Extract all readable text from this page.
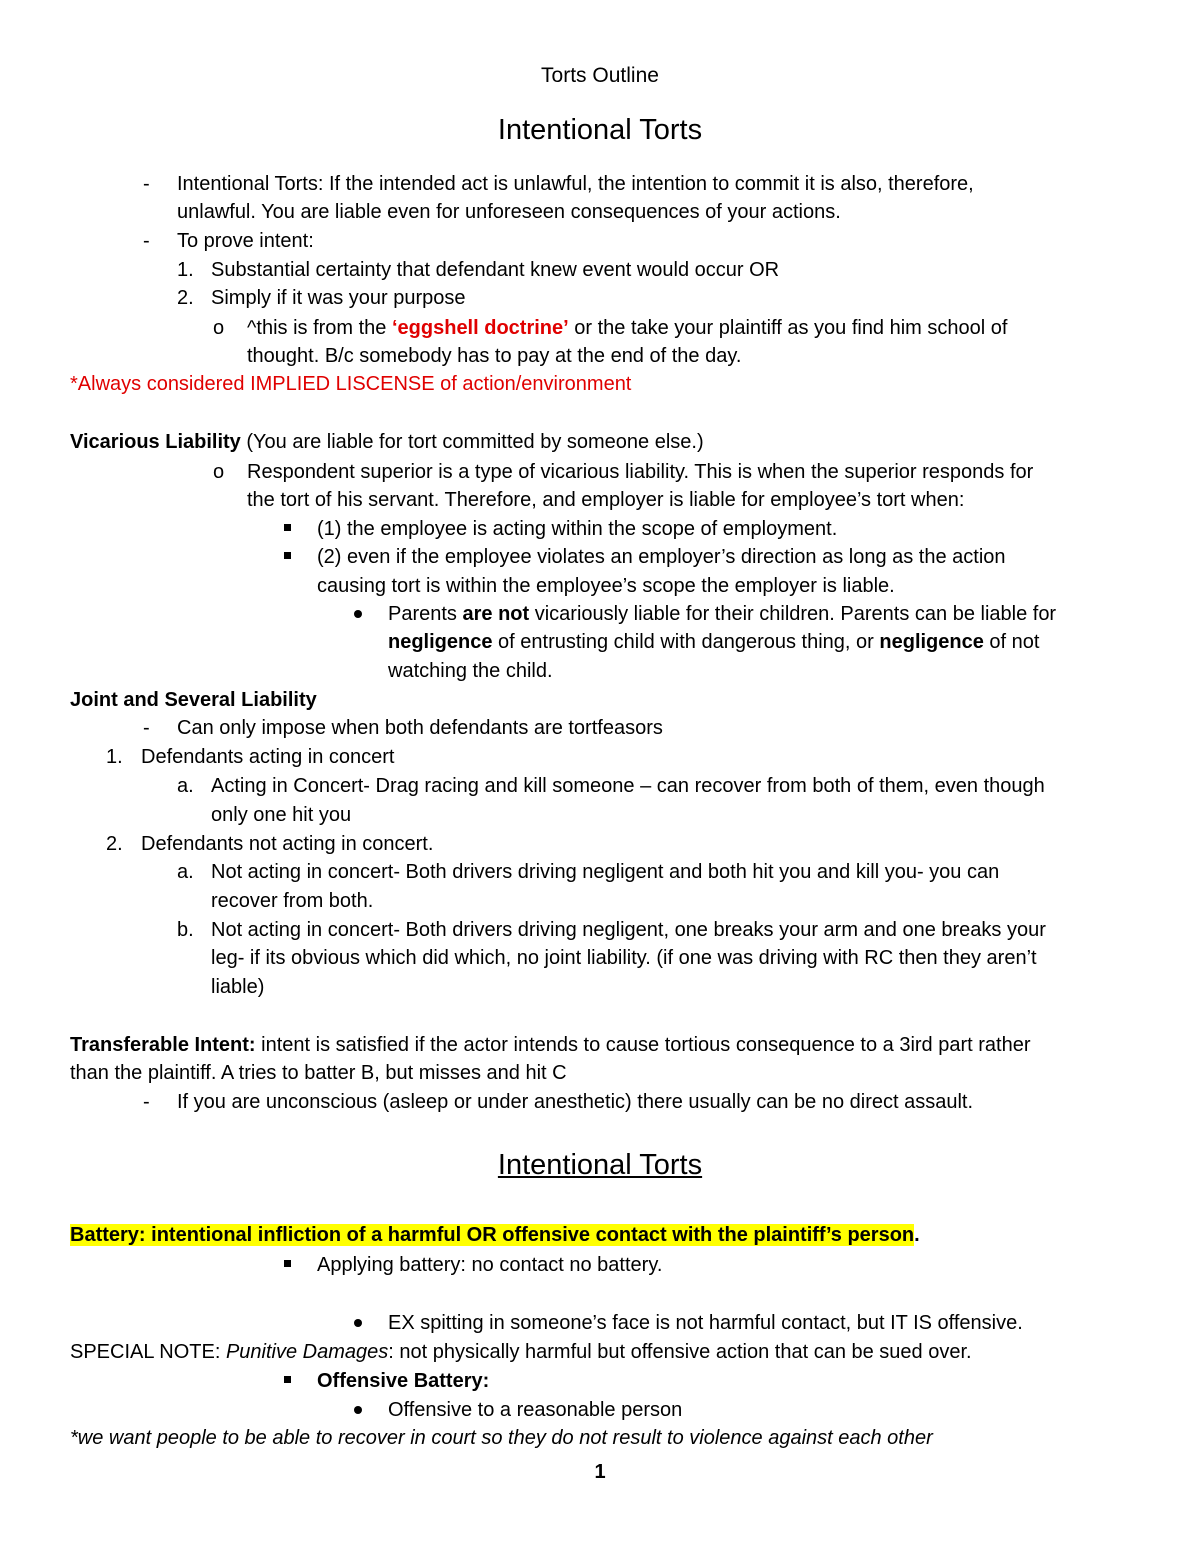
Torts Outline
Intentional Torts
- Intentional Torts: If the intended act is unlawful, the intention to commit it is also, therefore,
unlawful. You are liable even for unforeseen consequences of your actions.
- To prove intent:
1. Substantial certainty that defendant knew event would occur OR
2. Simply if it was your purpose
o ^this is from the ‘eggshell doctrine’ or the take your plaintiff as you find him school of
thought. B/c somebody has to pay at the end of the day.
*Always considered IMPLIED LISCENSE of action/environment
Vicarious Liability (You are liable for tort committed by someone else.)
o Respondent superior is a type of vicarious liability. This is when the superior responds for
the tort of his servant. Therefore, and employer is liable for employee’s tort when:
(1) the employee is acting within the scope of employment.
(2) even if the employee violates an employer’s direction as long as the action
causing tort is within the employee’s scope the employer is liable.
Parents are not vicariously liable for their children. Parents can be liable for
negligence of entrusting child with dangerous thing, or negligence of not
watching the child.
Joint and Several Liability
- Can only impose when both defendants are tortfeasors
1. Defendants acting in concert
a. Acting in Concert- Drag racing and kill someone – can recover from both of them, even though
only one hit you
2. Defendants not acting in concert.
a. Not acting in concert- Both drivers driving negligent and both hit you and kill you- you can
recover from both.
b. Not acting in concert- Both drivers driving negligent, one breaks your arm and one breaks your
leg- if its obvious which did which, no joint liability. (if one was driving with RC then they aren’t
liable)
Transferable Intent: intent is satisfied if the actor intends to cause tortious consequence to a 3ird part rather
than the plaintiff. A tries to batter B, but misses and hit C
- If you are unconscious (asleep or under anesthetic) there usually can be no direct assault.
Intentional Torts
Battery: intentional infliction of a harmful OR offensive contact with the plaintiff’s person.
Applying battery: no contact no battery.
EX spitting in someone’s face is not harmful contact, but IT IS offensive.
SPECIAL NOTE: Punitive Damages: not physically harmful but offensive action that can be sued over.
Offensive Battery:
Offensive to a reasonable person
*we want people to be able to recover in court so they do not result to violence against each other
1
